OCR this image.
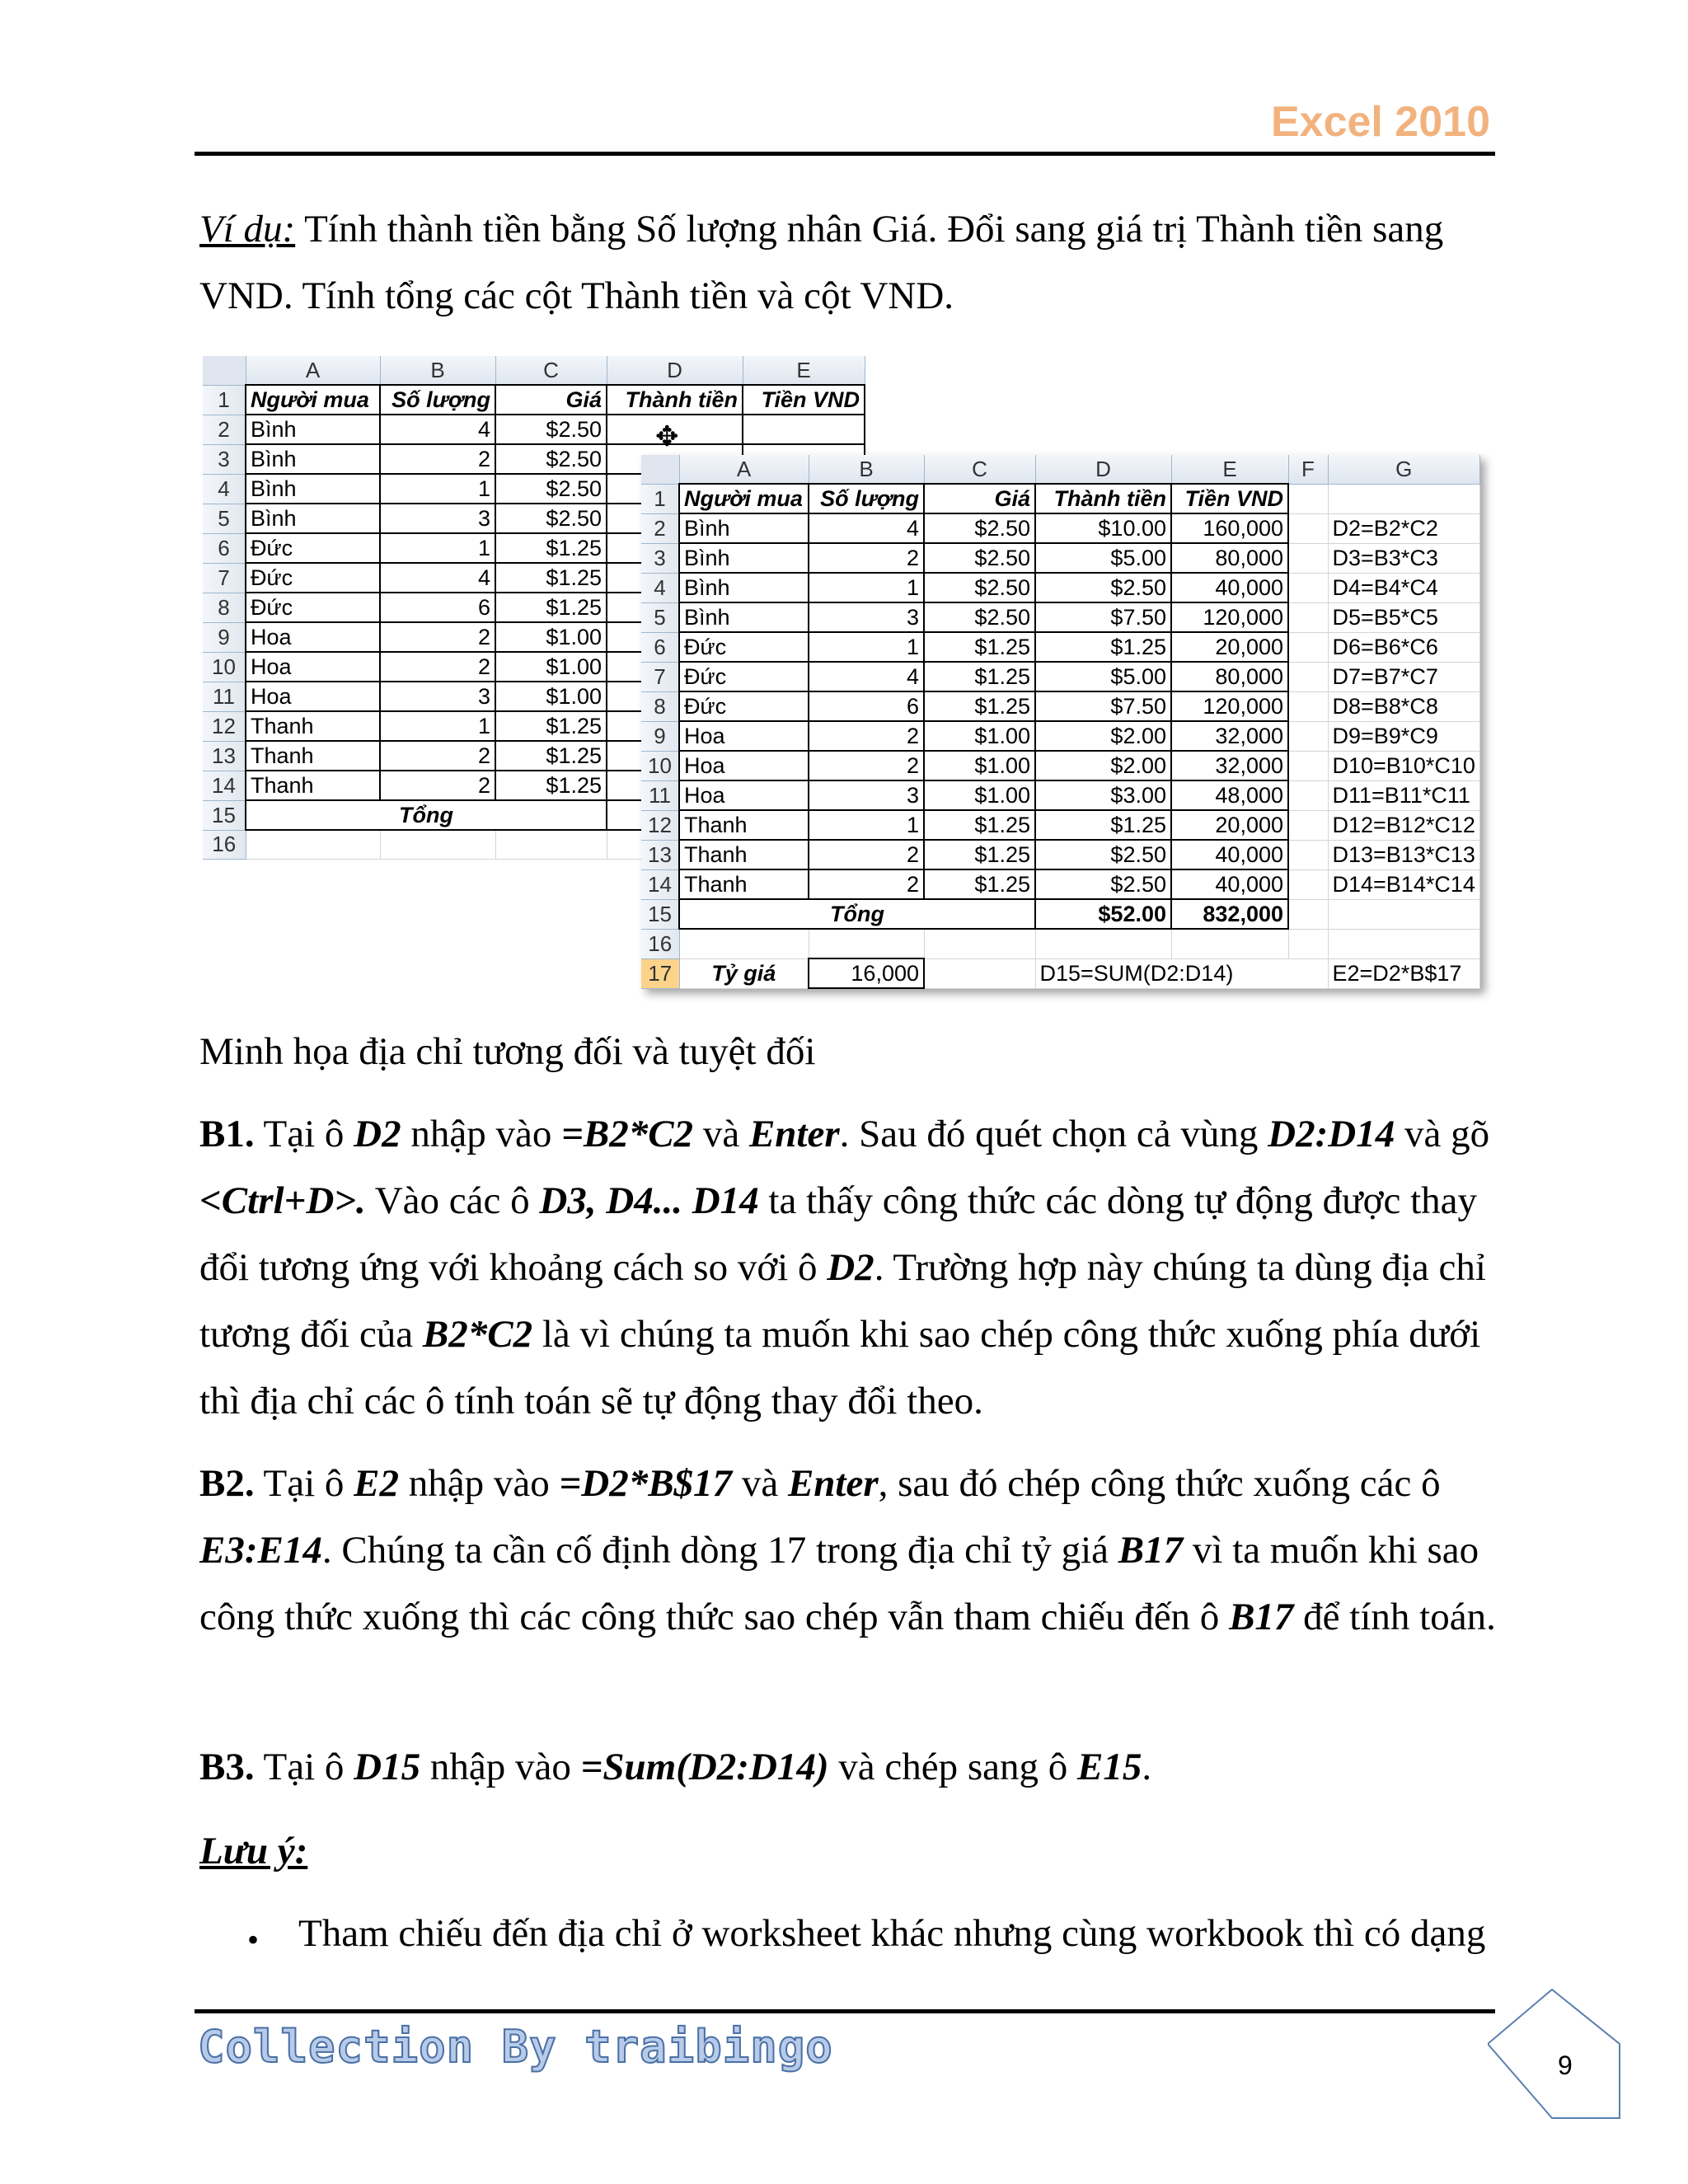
Excel 2010
Ví dụ: Tính thành tiền bằng Số lượng nhân Giá. Đổi sang giá trị Thành tiền sang
VND. Tính tổng các cột Thành tiền và cột VND.
	A	B	C	D	E
1	Người mua	Số lượng	Giá	Thành tiền	Tiền VND
2	Bình	4	$2.50		
3	Bình	2	$2.50		
4	Bình	1	$2.50		
5	Bình	3	$2.50		
6	Đức	1	$1.25		
7	Đức	4	$1.25		
8	Đức	6	$1.25		
9	Hoa	2	$1.00		
10	Hoa	2	$1.00		
11	Hoa	3	$1.00		
12	Thanh	1	$1.25		
13	Thanh	2	$1.25		
14	Thanh	2	$1.25		
15	Tổng				
16					
✥
	A	B	C	D	E	F	G
1	Người mua	Số lượng	Giá	Thành tiền	Tiền VND		
2	Bình	4	$2.50	$10.00	160,000		D2=B2*C2
3	Bình	2	$2.50	$5.00	80,000		D3=B3*C3
4	Bình	1	$2.50	$2.50	40,000		D4=B4*C4
5	Bình	3	$2.50	$7.50	120,000		D5=B5*C5
6	Đức	1	$1.25	$1.25	20,000		D6=B6*C6
7	Đức	4	$1.25	$5.00	80,000		D7=B7*C7
8	Đức	6	$1.25	$7.50	120,000		D8=B8*C8
9	Hoa	2	$1.00	$2.00	32,000		D9=B9*C9
10	Hoa	2	$1.00	$2.00	32,000		D10=B10*C10
11	Hoa	3	$1.00	$3.00	48,000		D11=B11*C11
12	Thanh	1	$1.25	$1.25	20,000		D12=B12*C12
13	Thanh	2	$1.25	$2.50	40,000		D13=B13*C13
14	Thanh	2	$1.25	$2.50	40,000		D14=B14*C14
15	Tổng			$52.00	832,000		
16							
17	Tỷ giá	16,000		D15=SUM(D2:D14)			E2=D2*B$17
Minh họa địa chỉ tương đối và tuyệt đối
B1. Tại ô D2 nhập vào =B2*C2 và Enter. Sau đó quét chọn cả vùng D2:D14 và gõ <Ctrl+D>. Vào các ô D3, D4... D14 ta thấy công thức các dòng tự động được thay đổi tương ứng với khoảng cách so với ô D2. Trường hợp này chúng ta dùng địa chỉ tương đối của B2*C2 là vì chúng ta muốn khi sao chép công thức xuống phía dưới thì địa chỉ các ô tính toán sẽ tự động thay đổi theo.
B2. Tại ô E2 nhập vào =D2*B$17 và Enter, sau đó chép công thức xuống các ô E3:E14. Chúng ta cần cố định dòng 17 trong địa chỉ tỷ giá B17 vì ta muốn khi sao công thức xuống thì các công thức sao chép vẫn tham chiếu đến ô B17 để tính toán.
B3. Tại ô D15 nhập vào =Sum(D2:D14) và chép sang ô E15.
Lưu ý:
• Tham chiếu đến địa chỉ ở worksheet khác nhưng cùng workbook thì có dạng
Collection By traibingo	9
